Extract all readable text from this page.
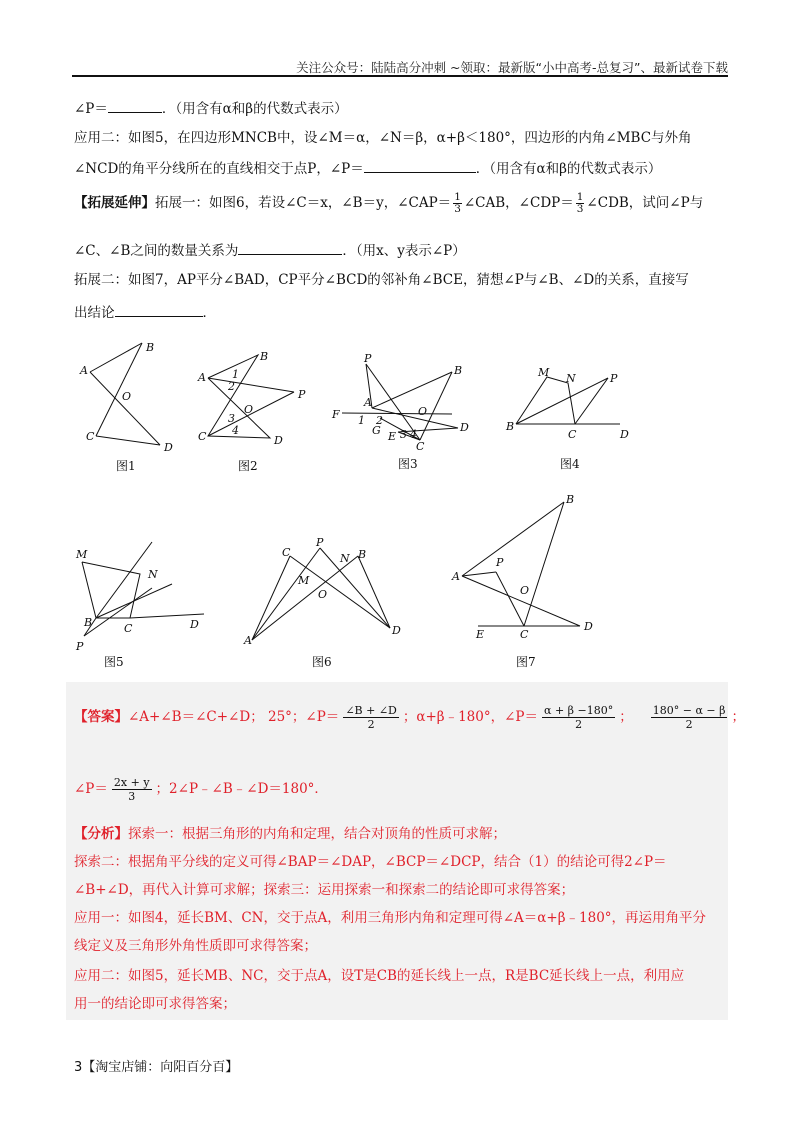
关注公众号：陆陆高分冲刺 ~领取：最新版“小中高考-总复习”、最新试卷下载
∠P＝	．（用含有α和β的代数式表示）
应用二：如图5，在四边形MNCB中，设∠M＝α，∠N＝β，α+β＜180°，四边形的内角∠MBC与外角
∠NCD的角平分线所在的直线相交于点P，∠P＝	．（用含有α和β的代数式表示）
【拓展延伸】拓展一：如图6，若设∠C＝x，∠B＝y，∠CAP＝ $\frac{1}{3}$ ∠CAB，∠CDP＝ $\frac{1}{3}$ ∠CDB，试问∠P与
∠C、∠B之间的数量关系为	．（用x、y表示∠P）
拓展二：如图7，AP平分∠BAD，CP平分∠BCD的邻补角∠BCE，猜想∠P与∠B、∠D的关系，直接写
出结论	．
A
B
O
C
D
A
B
1
2
O
P
3
4
C	D
P
B
F
A
1 2
G
O
D
E 3 4
C
M N	P
B
C	D
M
N
B	C	D
P
C
P
N B
M
O
A
D
B
P
A
O
E	C
D
图1	图2	图3	图4
图5	图6	图7
【答案】∠A+∠B＝∠C+∠D； 25°；∠P＝ $\frac{\angle B + \angle D}{2}$ ；α+β﹣180°，∠P＝ $\frac{\alpha + \beta -180^\circ}{2}$ ； $\frac{180^\circ - \alpha - \beta}{2}$ ；
∠P＝ $\frac{2x + y}{3}$ ；2∠P﹣∠B﹣∠D＝180°．
【分析】探索一：根据三角形的内角和定理，结合对顶角的性质可求解；
探索二：根据角平分线的定义可得∠BAP＝∠DAP，∠BCP＝∠DCP，结合（1）的结论可得2∠P＝
∠B+∠D，再代入计算可求解；探索三：运用探索一和探索二的结论即可求得答案；
应用一：如图4，延长BM、CN，交于点A，利用三角形内角和定理可得∠A＝α+β﹣180°，再运用角平分
线定义及三角形外角性质即可求得答案；
应用二：如图5，延长MB、NC，交于点A，设T是CB的延长线上一点，R是BC延长线上一点，利用应
用一的结论即可求得答案；
3【淘宝店铺：向阳百分百】
